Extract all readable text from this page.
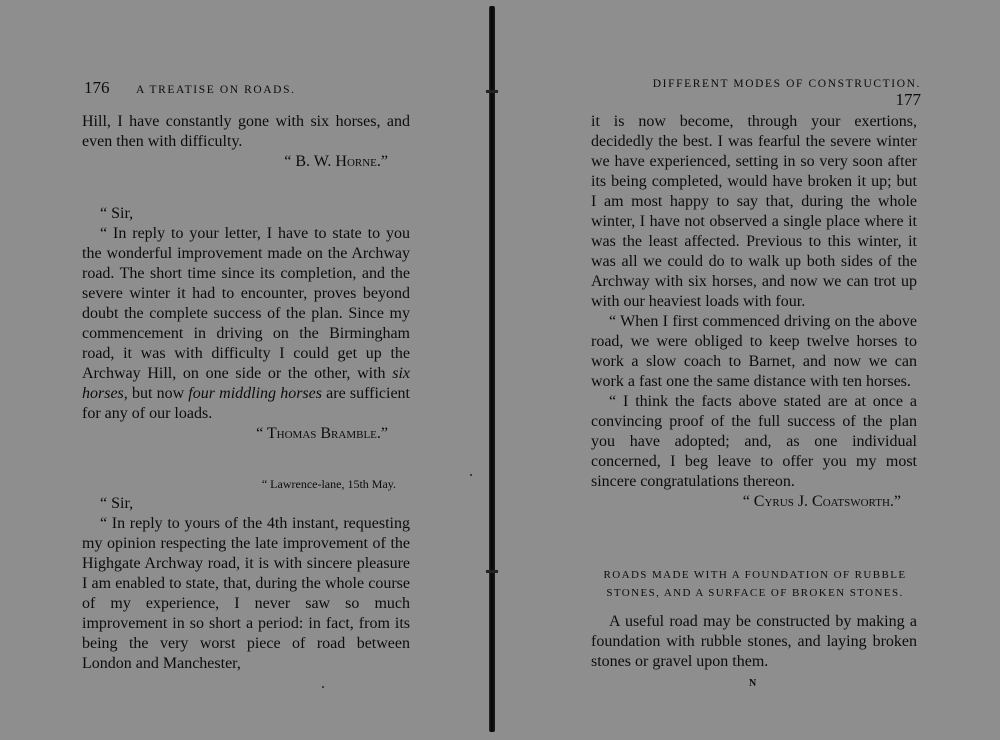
176 A TREATISE ON ROADS.

Hill, I have constantly gone with six horses, and even then with difficulty.

“ B. W. Horne.”

“ Sir,

“ In reply to your letter, I have to state to you the wonderful improvement made on the Archway road. The short time since its completion, and the severe winter it had to encounter, proves beyond doubt the complete success of the plan. Since my commencement in driving on the Birmingham road, it was with difficulty I could get up the Archway Hill, on one side or the other, with six horses, but now four middling horses are sufficient for any of our loads.

“ Thomas Bramble.”

“ Lawrence-lane, 15th May.

“ Sir,

“ In reply to yours of the 4th instant, requesting my opinion respecting the late improvement of the Highgate Archway road, it is with sincere pleasure I am enabled to state, that, during the whole course of my experience, I never saw so much improvement in so short a period: in fact, from its being the very worst piece of road between London and Manchester,

DIFFERENT MODES OF CONSTRUCTION. 177

it is now become, through your exertions, decidedly the best. I was fearful the severe winter we have experienced, setting in so very soon after its being completed, would have broken it up; but I am most happy to say that, during the whole winter, I have not observed a single place where it was the least affected. Previous to this winter, it was all we could do to walk up both sides of the Archway with six horses, and now we can trot up with our heaviest loads with four.

“ When I first commenced driving on the above road, we were obliged to keep twelve horses to work a slow coach to Barnet, and now we can work a fast one the same distance with ten horses.

“ I think the facts above stated are at once a convincing proof of the full success of the plan you have adopted; and, as one individual concerned, I beg leave to offer you my most sincere congratulations thereon.

“ Cyrus J. Coatsworth.”

ROADS MADE WITH A FOUNDATION OF RUBBLE
STONES, AND A SURFACE OF BROKEN STONES.

A useful road may be constructed by making a foundation with rubble stones, and laying broken stones or gravel upon them.

N
